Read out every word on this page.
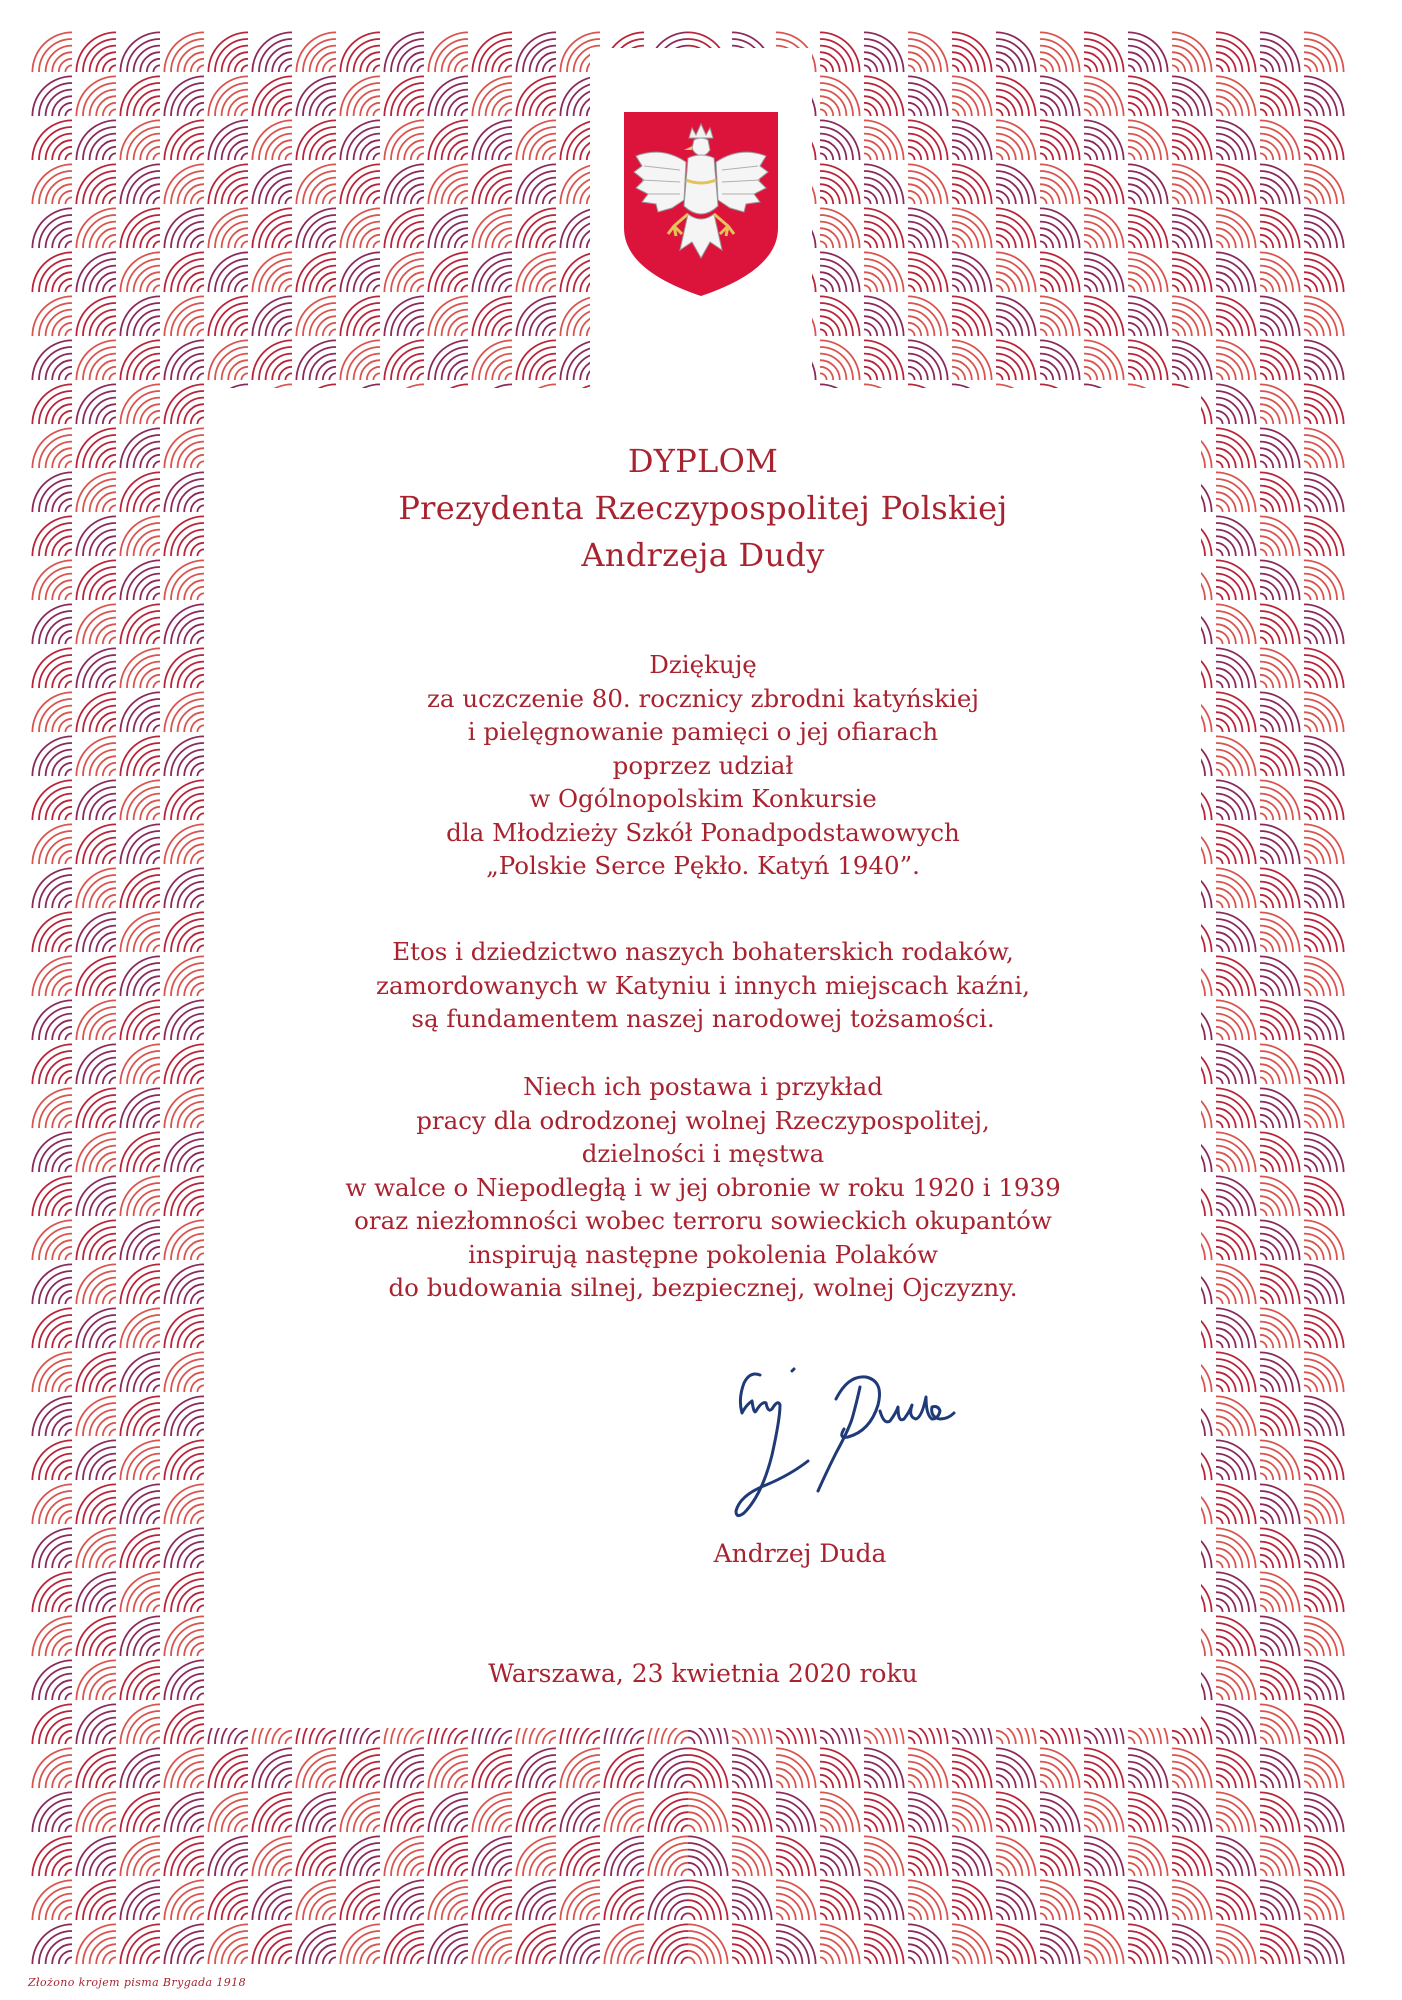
DYPLOM
Prezydenta Rzeczypospolitej Polskiej
Andrzeja Dudy
Dziękuję
za uczczenie 80. rocznicy zbrodni katyńskiej
i pielęgnowanie pamięci o jej ofiarach
poprzez udział
w Ogólnopolskim Konkursie
dla Młodzieży Szkół Ponadpodstawowych
„Polskie Serce Pękło. Katyń 1940”.
Etos i dziedzictwo naszych bohaterskich rodaków,
zamordowanych w Katyniu i innych miejscach kaźni,
są fundamentem naszej narodowej tożsamości.
Niech ich postawa i przykład
pracy dla odrodzonej wolnej Rzeczypospolitej,
dzielności i męstwa
w walce o Niepodległą i w jej obronie w roku 1920 i 1939
oraz niezłomności wobec terroru sowieckich okupantów
inspirują następne pokolenia Polaków
do budowania silnej, bezpiecznej, wolnej Ojczyzny.
Andrzej Duda
Warszawa, 23 kwietnia 2020 roku
Złożono krojem pisma Brygada 1918
